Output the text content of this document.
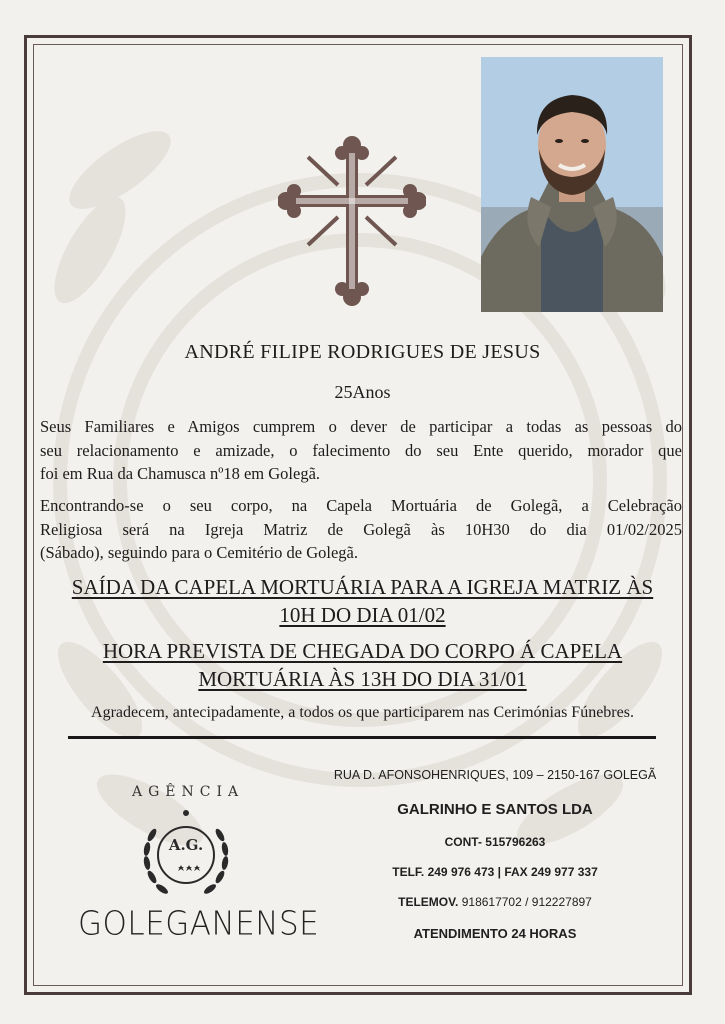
ANDRÉ FILIPE RODRIGUES DE JESUS
25Anos
Seus Familiares e Amigos cumprem o dever de participar a todas as pessoas do
seu relacionamento e amizade, o falecimento do seu Ente querido, morador que
foi em Rua da Chamusca nº18 em Golegã.
Encontrando-se o seu corpo, na Capela Mortuária de Golegã, a Celebração
Religiosa será na Igreja Matriz de Golegã às 10H30 do dia 01/02/2025
(Sábado), seguindo para o Cemitério de Golegã.
SAÍDA DA CAPELA MORTUÁRIA PARA A IGREJA MATRIZ ÀS
10H DO DIA 01/02
HORA PREVISTA DE CHEGADA DO CORPO Á CAPELA
MORTUÁRIA ÀS 13H DO DIA 31/01
Agradecem, antecipadamente, a todos os que participarem nas Cerimónias Fúnebres.
AGÊNCIA
A.G.
GOLEGANENSE
RUA D. AFONSOHENRIQUES, 109 – 2150-167 GOLEGÃ
GALRINHO E SANTOS LDA
CONT- 515796263
TELF. 249 976 473 | FAX 249 977 337
TELEMOV. 918617702 / 912227897
ATENDIMENTO 24 HORAS
